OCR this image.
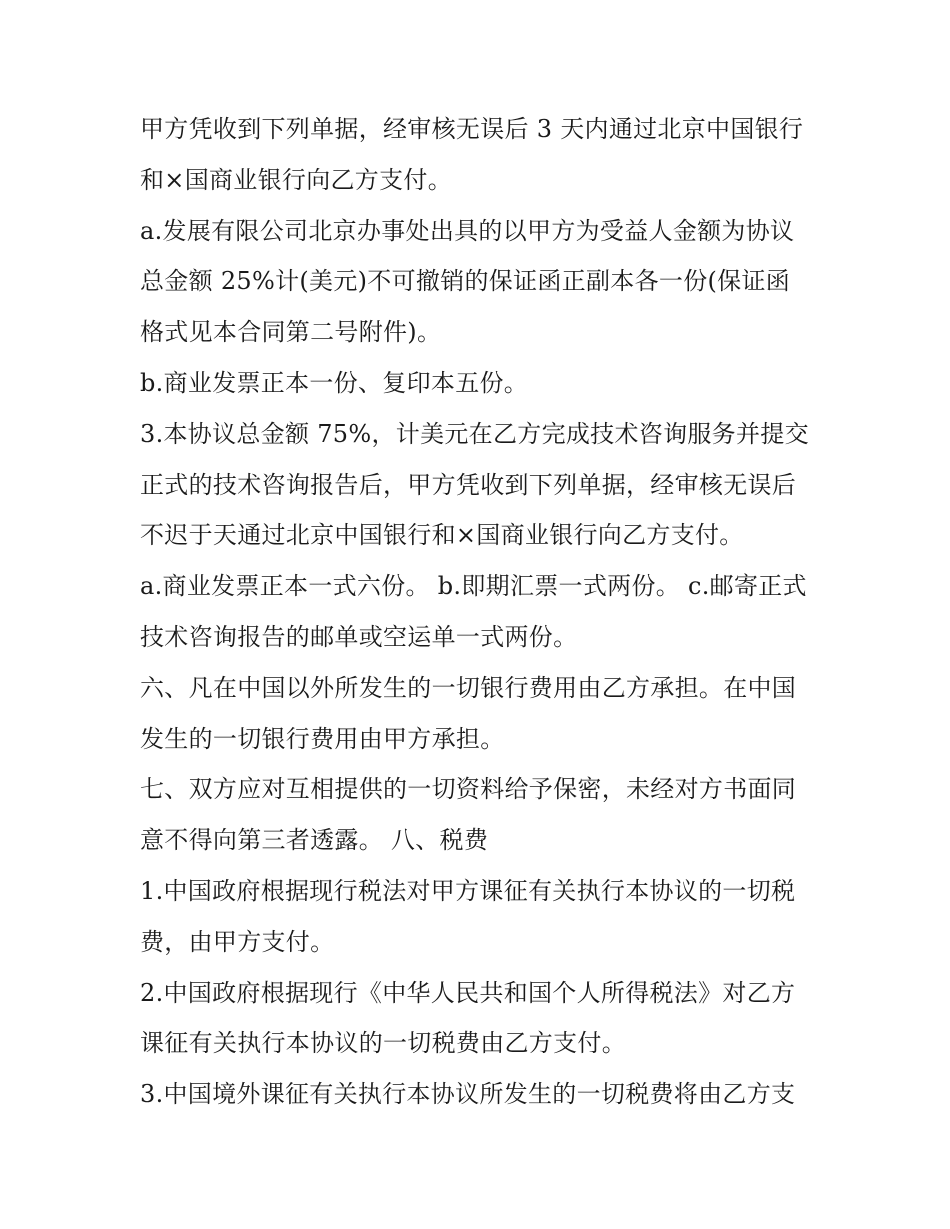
甲方凭收到下列单据，经审核无误后 3 天内通过北京中国银行
和×国商业银行向乙方支付。
a.发展有限公司北京办事处出具的以甲方为受益人金额为协议
总金额 25%计(美元)不可撤销的保证函正副本各一份(保证函
格式见本合同第二号附件)。
b.商业发票正本一份、复印本五份。
3.本协议总金额 75%，计美元在乙方完成技术咨询服务并提交
正式的技术咨询报告后，甲方凭收到下列单据，经审核无误后
不迟于天通过北京中国银行和×国商业银行向乙方支付。
a.商业发票正本一式六份。 b.即期汇票一式两份。 c.邮寄正式
技术咨询报告的邮单或空运单一式两份。
六、凡在中国以外所发生的一切银行费用由乙方承担。在中国
发生的一切银行费用由甲方承担。
七、双方应对互相提供的一切资料给予保密，未经对方书面同
意不得向第三者透露。 八、税费
1.中国政府根据现行税法对甲方课征有关执行本协议的一切税
费，由甲方支付。
2.中国政府根据现行《中华人民共和国个人所得税法》对乙方
课征有关执行本协议的一切税费由乙方支付。
3.中国境外课征有关执行本协议所发生的一切税费将由乙方支
